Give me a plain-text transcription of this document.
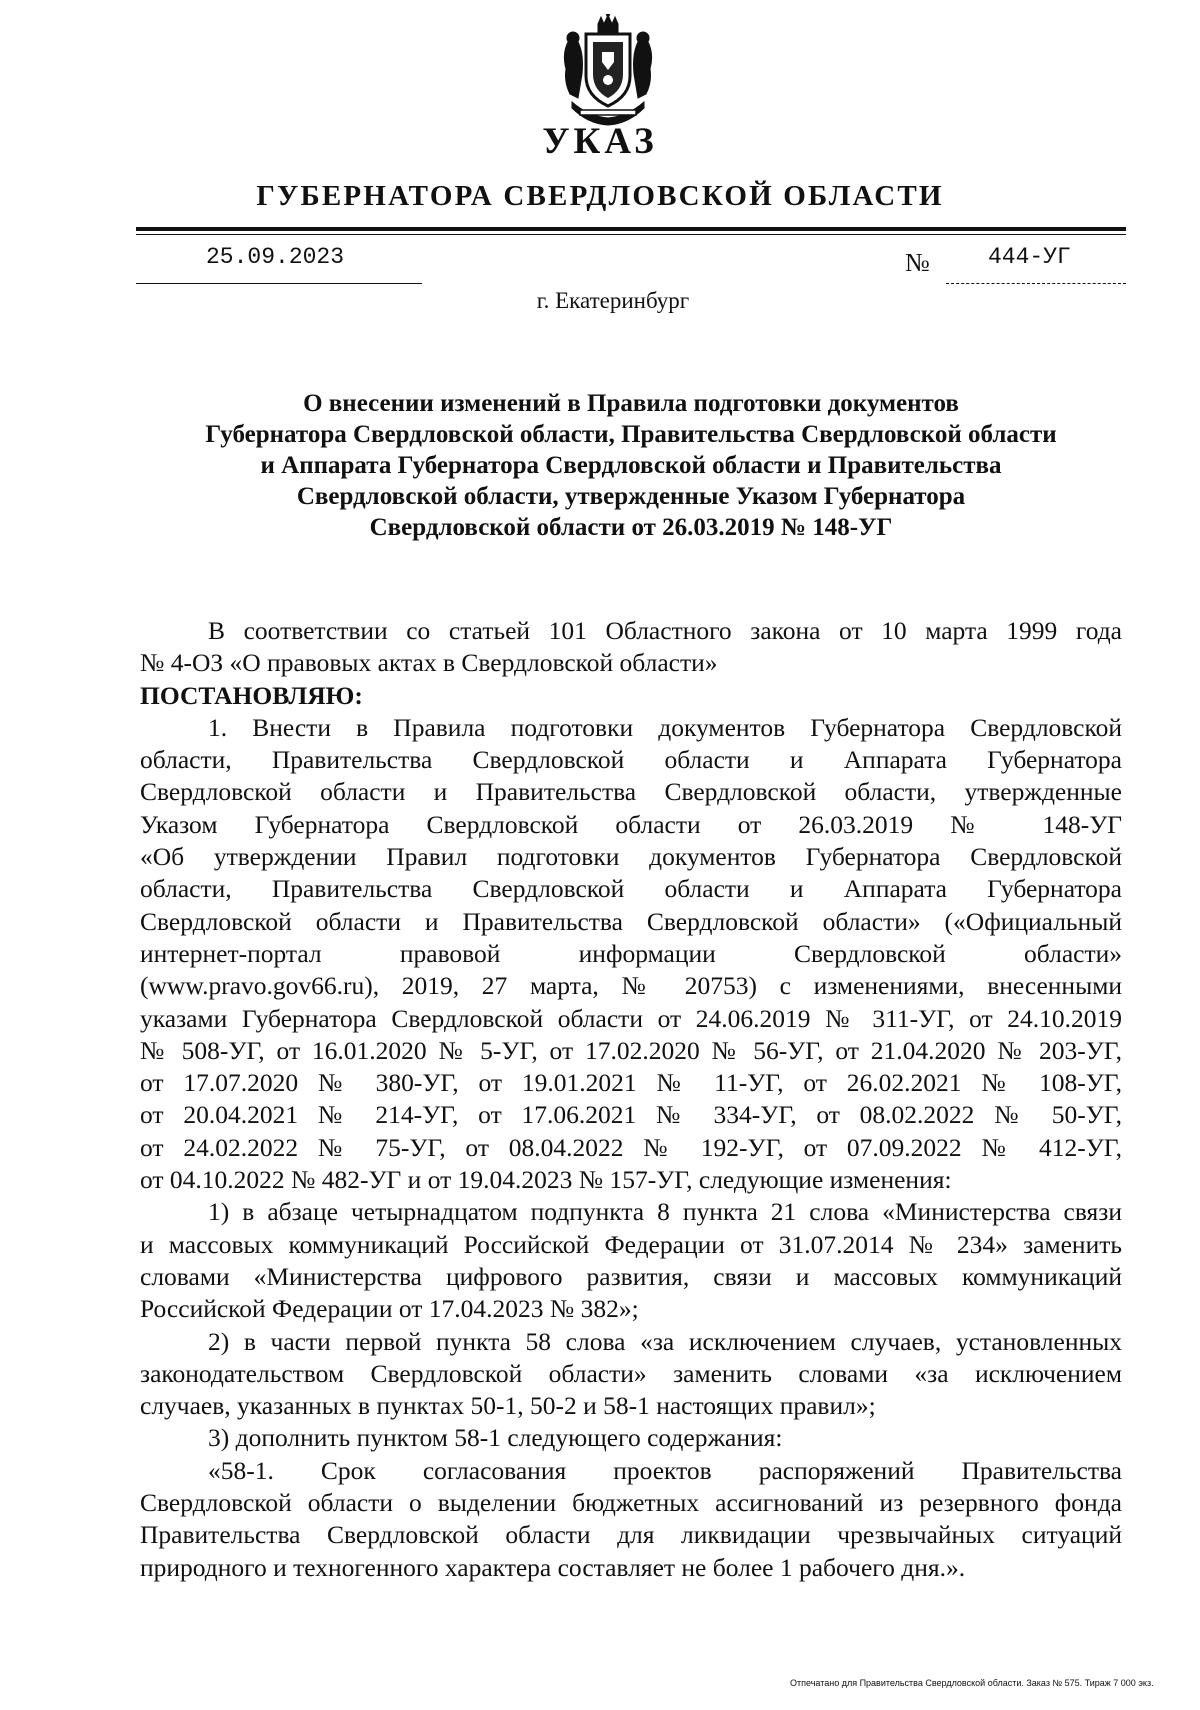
УКАЗ
ГУБЕРНАТОРА СВЕРДЛОВСКОЙ ОБЛАСТИ
25.09.2023	№	444-УГ
г. Екатеринбург
О внесении изменений в Правила подготовки документов
Губернатора Свердловской области, Правительства Свердловской области
и Аппарата Губернатора Свердловской области и Правительства
Свердловской области, утвержденные Указом Губернатора
Свердловской области от 26.03.2019 № 148-УГ
В соответствии со статьей 101 Областного закона от 10 марта 1999 года
№ 4-ОЗ «О правовых актах в Свердловской области»
ПОСТАНОВЛЯЮ:
1. Внести в Правила подготовки документов Губернатора Свердловской
области, Правительства Свердловской области и Аппарата Губернатора
Свердловской области и Правительства Свердловской области, утвержденные
Указом Губернатора Свердловской области от 26.03.2019 № 148-УГ
«Об утверждении Правил подготовки документов Губернатора Свердловской
области, Правительства Свердловской области и Аппарата Губернатора
Свердловской области и Правительства Свердловской области» («Официальный
интернет-портал правовой информации Свердловской области»
(www.pravo.gov66.ru), 2019, 27 марта, № 20753) с изменениями, внесенными
указами Губернатора Свердловской области от 24.06.2019 № 311-УГ, от 24.10.2019
№ 508-УГ, от 16.01.2020 № 5-УГ, от 17.02.2020 № 56-УГ, от 21.04.2020 № 203-УГ,
от 17.07.2020 № 380-УГ, от 19.01.2021 № 11-УГ, от 26.02.2021 № 108-УГ,
от 20.04.2021 № 214-УГ, от 17.06.2021 № 334-УГ, от 08.02.2022 № 50-УГ,
от 24.02.2022 № 75-УГ, от 08.04.2022 № 192-УГ, от 07.09.2022 № 412-УГ,
от 04.10.2022 № 482-УГ и от 19.04.2023 № 157-УГ, следующие изменения:
1) в абзаце четырнадцатом подпункта 8 пункта 21 слова «Министерства связи
и массовых коммуникаций Российской Федерации от 31.07.2014 № 234» заменить
словами «Министерства цифрового развития, связи и массовых коммуникаций
Российской Федерации от 17.04.2023 № 382»;
2) в части первой пункта 58 слова «за исключением случаев, установленных
законодательством Свердловской области» заменить словами «за исключением
случаев, указанных в пунктах 50-1, 50-2 и 58-1 настоящих правил»;
3) дополнить пунктом 58-1 следующего содержания:
«58-1. Срок согласования проектов распоряжений Правительства
Свердловской области о выделении бюджетных ассигнований из резервного фонда
Правительства Свердловской области для ликвидации чрезвычайных ситуаций
природного и техногенного характера составляет не более 1 рабочего дня.».
Отпечатано для Правительства Свердловской области. Заказ № 575. Тираж 7 000 экз.
